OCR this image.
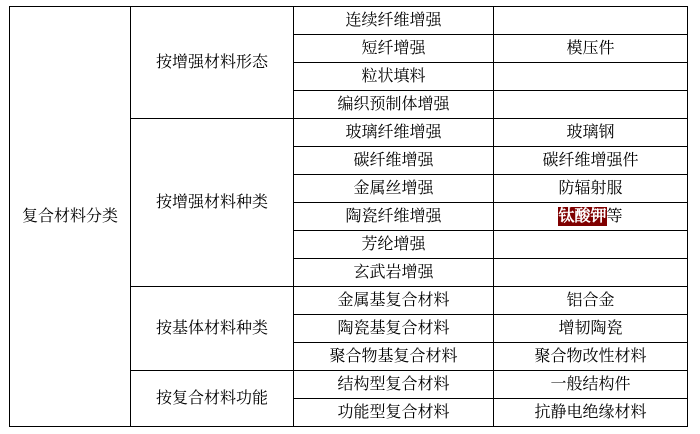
复合材料分类	按增强材料形态	连续纤维增强	
		短纤增强	模压件
		粒状填料	
		编织预制体增强	
	按增强材料种类	玻璃纤维增强	玻璃钢
		碳纤维增强	碳纤维增强件
		金属丝增强	防辐射服
		陶瓷纤维增强	钛酸钾等
		芳纶增强	
		玄武岩增强	
	按基体材料种类	金属基复合材料	铝合金
		陶瓷基复合材料	增韧陶瓷
		聚合物基复合材料	聚合物改性材料
	按复合材料功能	结构型复合材料	一般结构件
		功能型复合材料	抗静电绝缘材料
